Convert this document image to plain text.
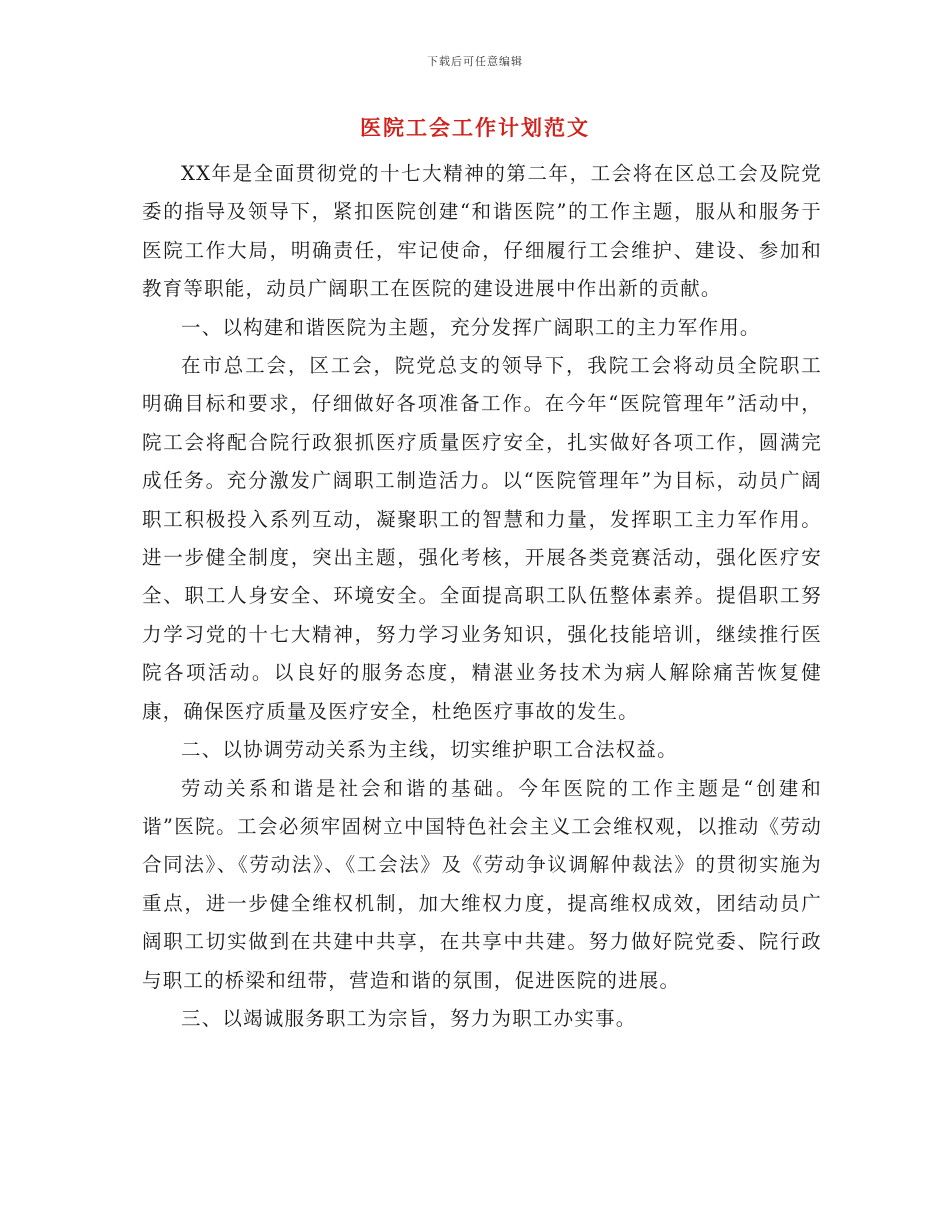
下载后可任意编辑
医院工会工作计划范文

XX年是全面贯彻党的十七大精神的第二年，工会将在区总工会及院党委的指导及领导下，紧扣医院创建“和谐医院”的工作主题，服从和服务于医院工作大局，明确责任，牢记使命，仔细履行工会维护、建设、参加和教育等职能，动员广阔职工在医院的建设进展中作出新的贡献。

一、以构建和谐医院为主题，充分发挥广阔职工的主力军作用。

在市总工会，区工会，院党总支的领导下，我院工会将动员全院职工明确目标和要求，仔细做好各项准备工作。在今年“医院管理年”活动中，院工会将配合院行政狠抓医疗质量医疗安全，扎实做好各项工作，圆满完成任务。充分激发广阔职工制造活力。以“医院管理年”为目标，动员广阔职工积极投入系列互动，凝聚职工的智慧和力量，发挥职工主力军作用。进一步健全制度，突出主题，强化考核，开展各类竞赛活动，强化医疗安全、职工人身安全、环境安全。全面提高职工队伍整体素养。提倡职工努力学习党的十七大精神，努力学习业务知识，强化技能培训，继续推行医院各项活动。以良好的服务态度，精湛业务技术为病人解除痛苦恢复健康，确保医疗质量及医疗安全，杜绝医疗事故的发生。

二、以协调劳动关系为主线，切实维护职工合法权益。

劳动关系和谐是社会和谐的基础。今年医院的工作主题是“创建和谐”医院。工会必须牢固树立中国特色社会主义工会维权观，以推动《劳动合同法》、《劳动法》、《工会法》及《劳动争议调解仲裁法》的贯彻实施为重点，进一步健全维权机制，加大维权力度，提高维权成效，团结动员广阔职工切实做到在共建中共享，在共享中共建。努力做好院党委、院行政与职工的桥梁和纽带，营造和谐的氛围，促进医院的进展。

三、以竭诚服务职工为宗旨，努力为职工办实事。
